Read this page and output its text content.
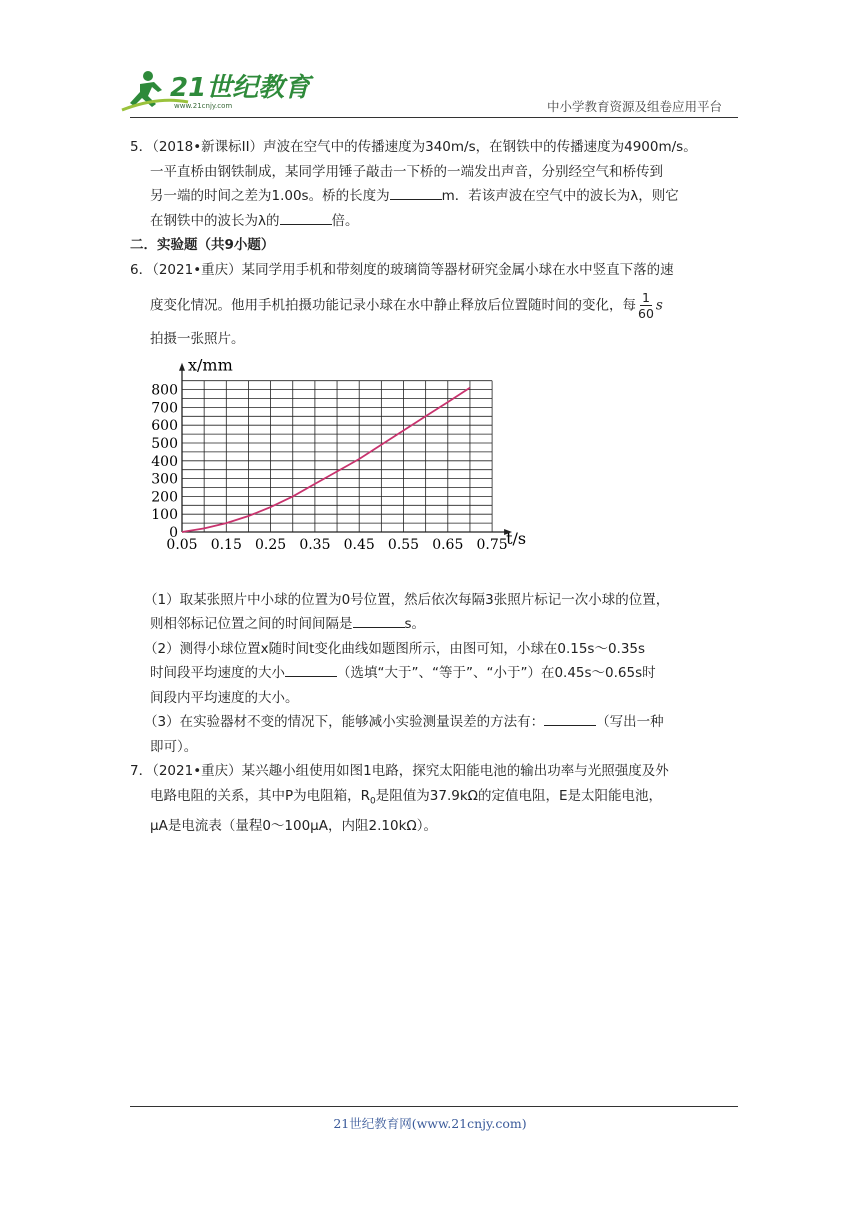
21世纪教育
www.21cnjy.com	中小学教育资源及组卷应用平台
5．（2018•新课标II）声波在空气中的传播速度为340m/s，在钢铁中的传播速度为4900m/s。
一平直桥由钢铁制成，某同学用锤子敲击一下桥的一端发出声音，分别经空气和桥传到
另一端的时间之差为1.00s。桥的长度为	m．若该声波在空气中的波长为λ，则它
在钢铁中的波长为λ的	倍。
二．实验题（共9小题）
6．（2021•重庆）某同学用手机和带刻度的玻璃筒等器材研究金属小球在水中竖直下落的速
度变化情况。他用手机拍摄功能记录小球在水中静止释放后位置随时间的变化，每 $\frac{1}{60}$ s
拍摄一张照片。
（1）取某张照片中小球的位置为0号位置，然后依次每隔3张照片标记一次小球的位置，
则相邻标记位置之间的时间间隔是	s。
（2）测得小球位置x随时间t变化曲线如题图所示，由图可知，小球在0.15s～0.35s
时间段平均速度的大小	（选填“大于”、“等于”、“小于”）在0.45s～0.65s时
间段内平均速度的大小。
（3）在实验器材不变的情况下，能够减小实验测量误差的方法有：	（写出一种
即可）。
7．（2021•重庆）某兴趣小组使用如图1电路，探究太阳能电池的输出功率与光照强度及外
电路电阻的关系，其中P为电阻箱，$R_0$是阻值为37.9kΩ的定值电阻，E是太阳能电池，
μA是电流表（量程0～100μA，内阻2.10kΩ）。
0.05 0.15 0.25 0.35 0.45 0.55 0.65 0.75
0
100
200
300
400
500
600
700
800
x/mm
t/s
21世纪教育网(www.21cnjy.com)
